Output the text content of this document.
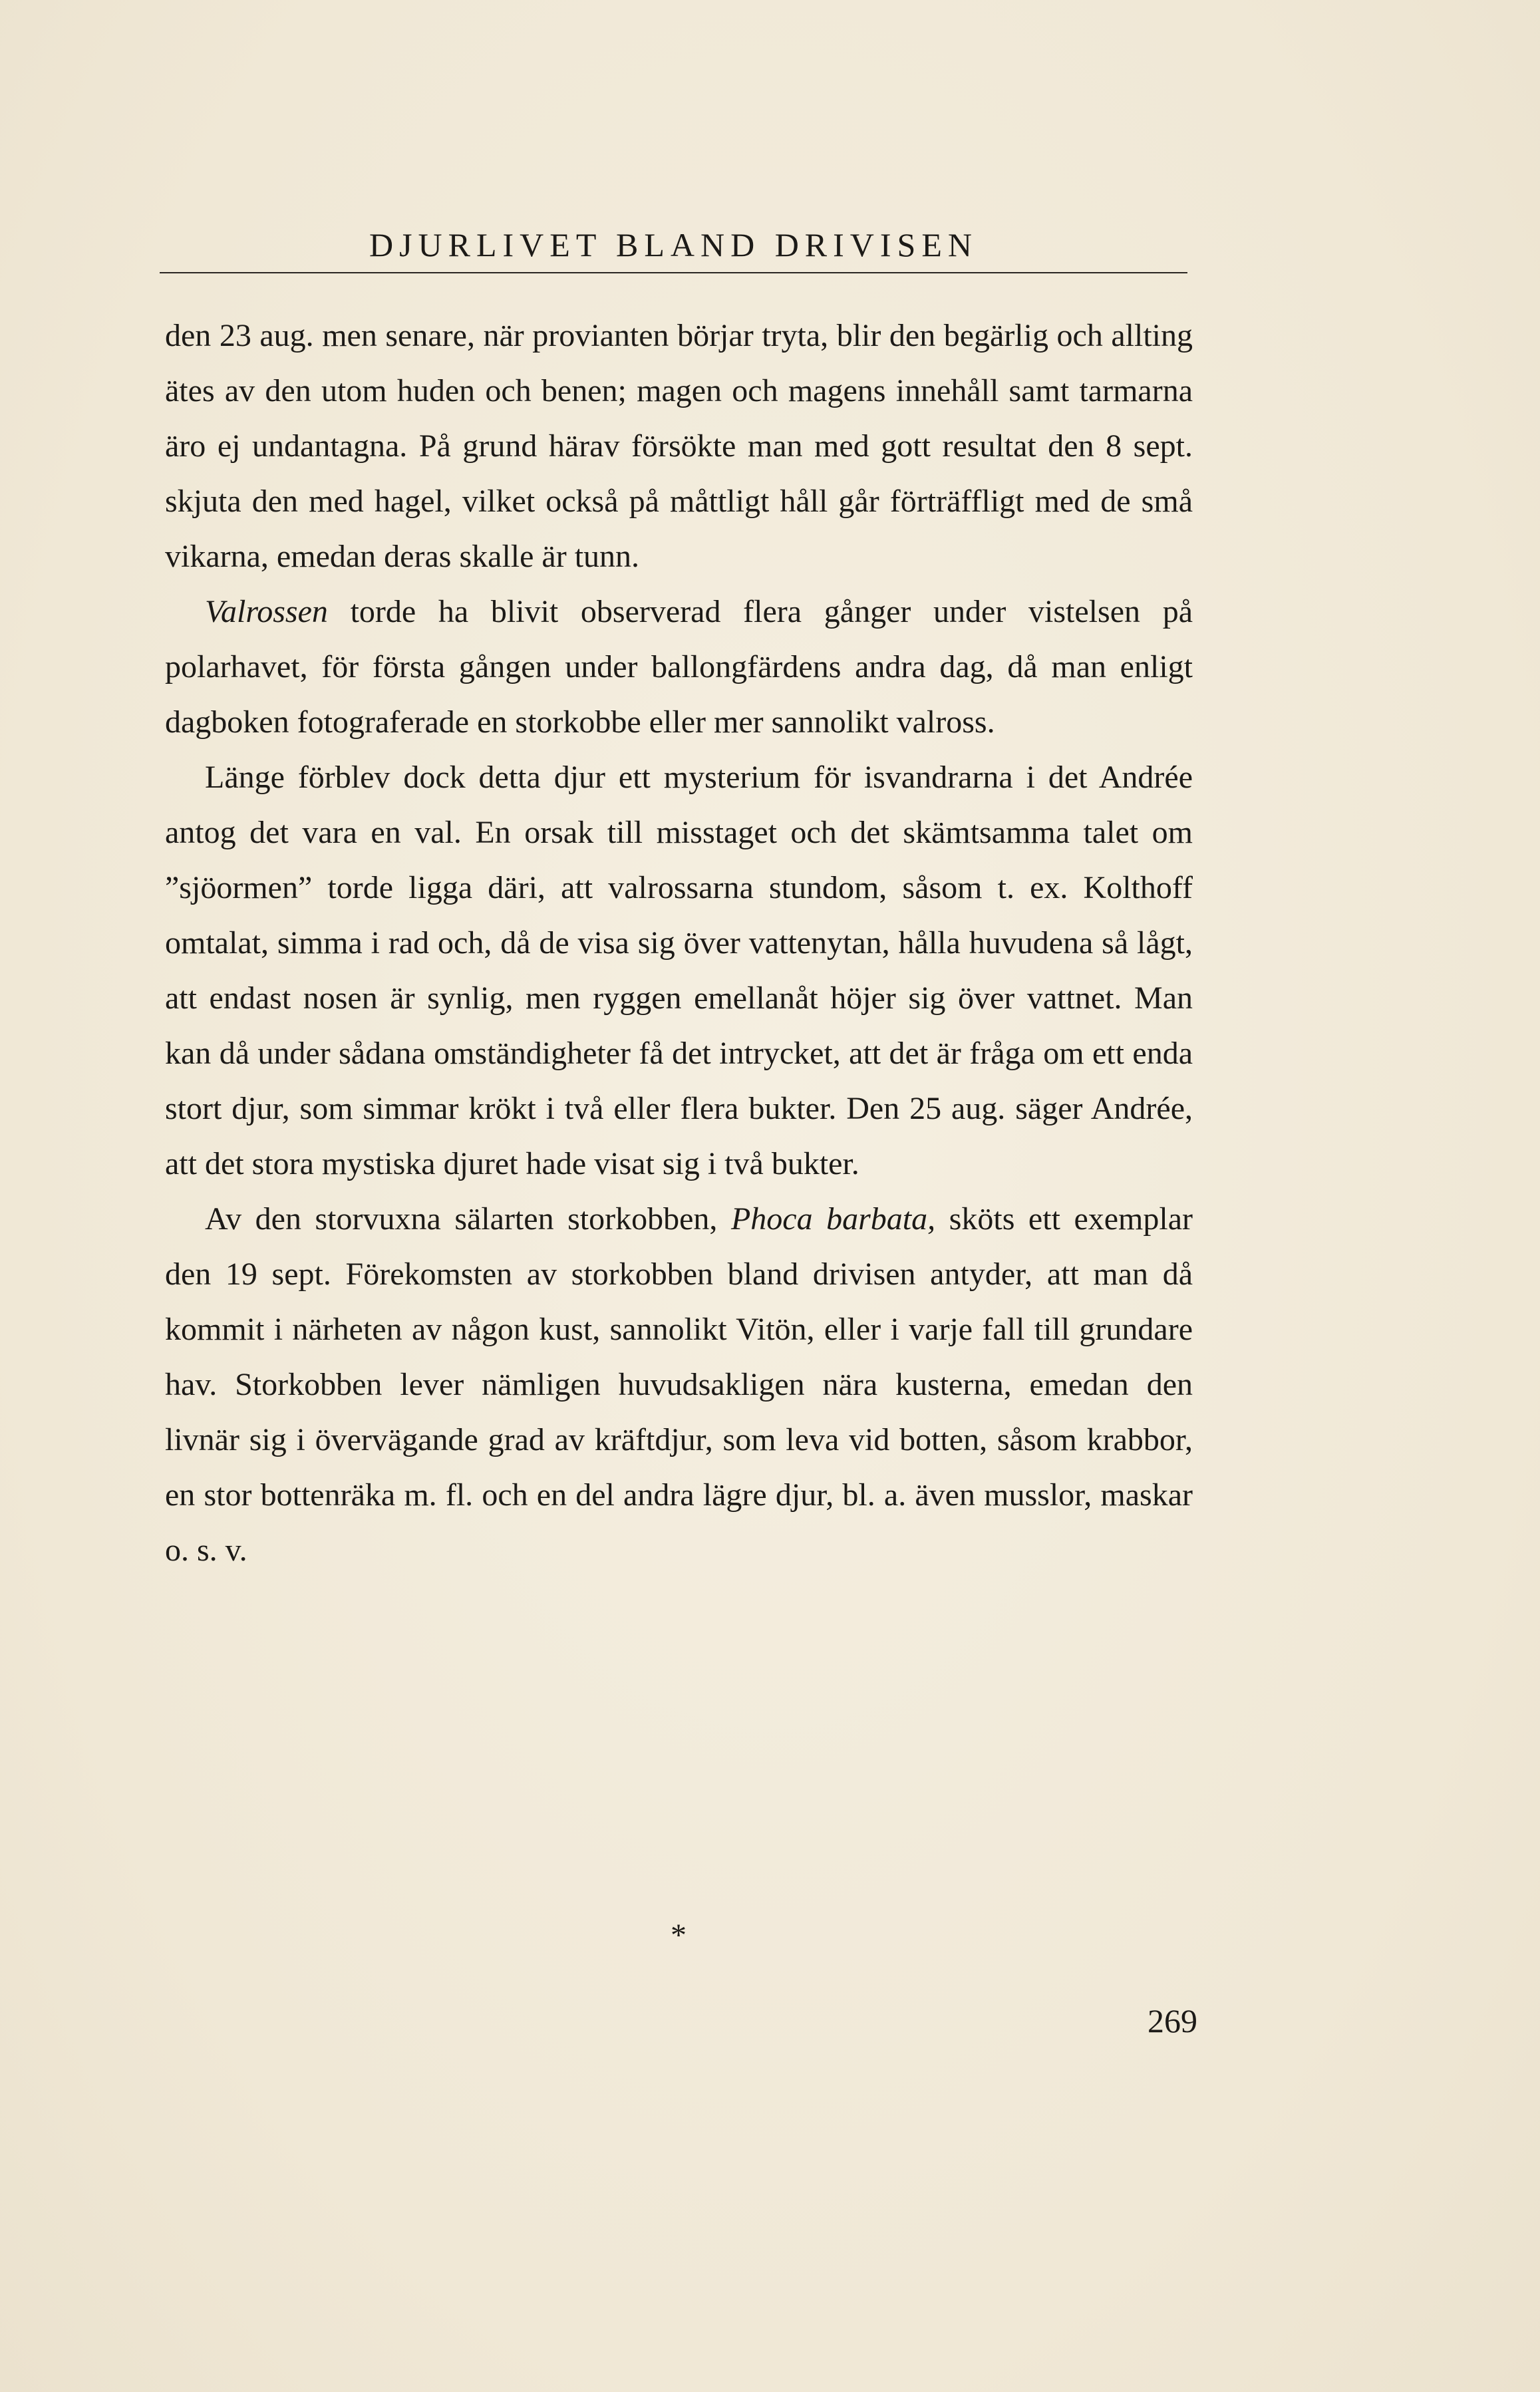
DJURLIVET BLAND DRIVISEN

den 23 aug. men senare, när provianten börjar tryta, blir den begärlig och allting ätes av den utom huden och benen; magen och magens innehåll samt tarmarna äro ej undantagna. På grund härav försökte man med gott resultat den 8 sept. skjuta den med hagel, vilket också på måttligt håll går förträffligt med de små vikarna, emedan deras skalle är tunn.

Valrossen torde ha blivit observerad flera gånger under vistelsen på polarhavet, för första gången under ballongfärdens andra dag, då man enligt dagboken fotograferade en storkobbe eller mer sannolikt valross.

Länge förblev dock detta djur ett mysterium för isvandrarna i det Andrée antog det vara en val. En orsak till misstaget och det skämtsamma talet om ”sjöormen” torde ligga däri, att valrossarna stundom, såsom t. ex. Kolthoff omtalat, simma i rad och, då de visa sig över vattenytan, hålla huvudena så lågt, att endast nosen är synlig, men ryggen emellanåt höjer sig över vattnet. Man kan då under sådana omständigheter få det intrycket, att det är fråga om ett enda stort djur, som simmar krökt i två eller flera bukter. Den 25 aug. säger Andrée, att det stora mystiska djuret hade visat sig i två bukter.

Av den storvuxna sälarten storkobben, Phoca barbata, sköts ett exemplar den 19 sept. Förekomsten av storkobben bland drivisen antyder, att man då kommit i närheten av någon kust, sannolikt Vitön, eller i varje fall till grundare hav. Storkobben lever nämligen huvudsakligen nära kusterna, emedan den livnär sig i övervägande grad av kräftdjur, som leva vid botten, såsom krabbor, en stor bottenräka m. fl. och en del andra lägre djur, bl. a. även musslor, maskar o. s. v.

*
269
